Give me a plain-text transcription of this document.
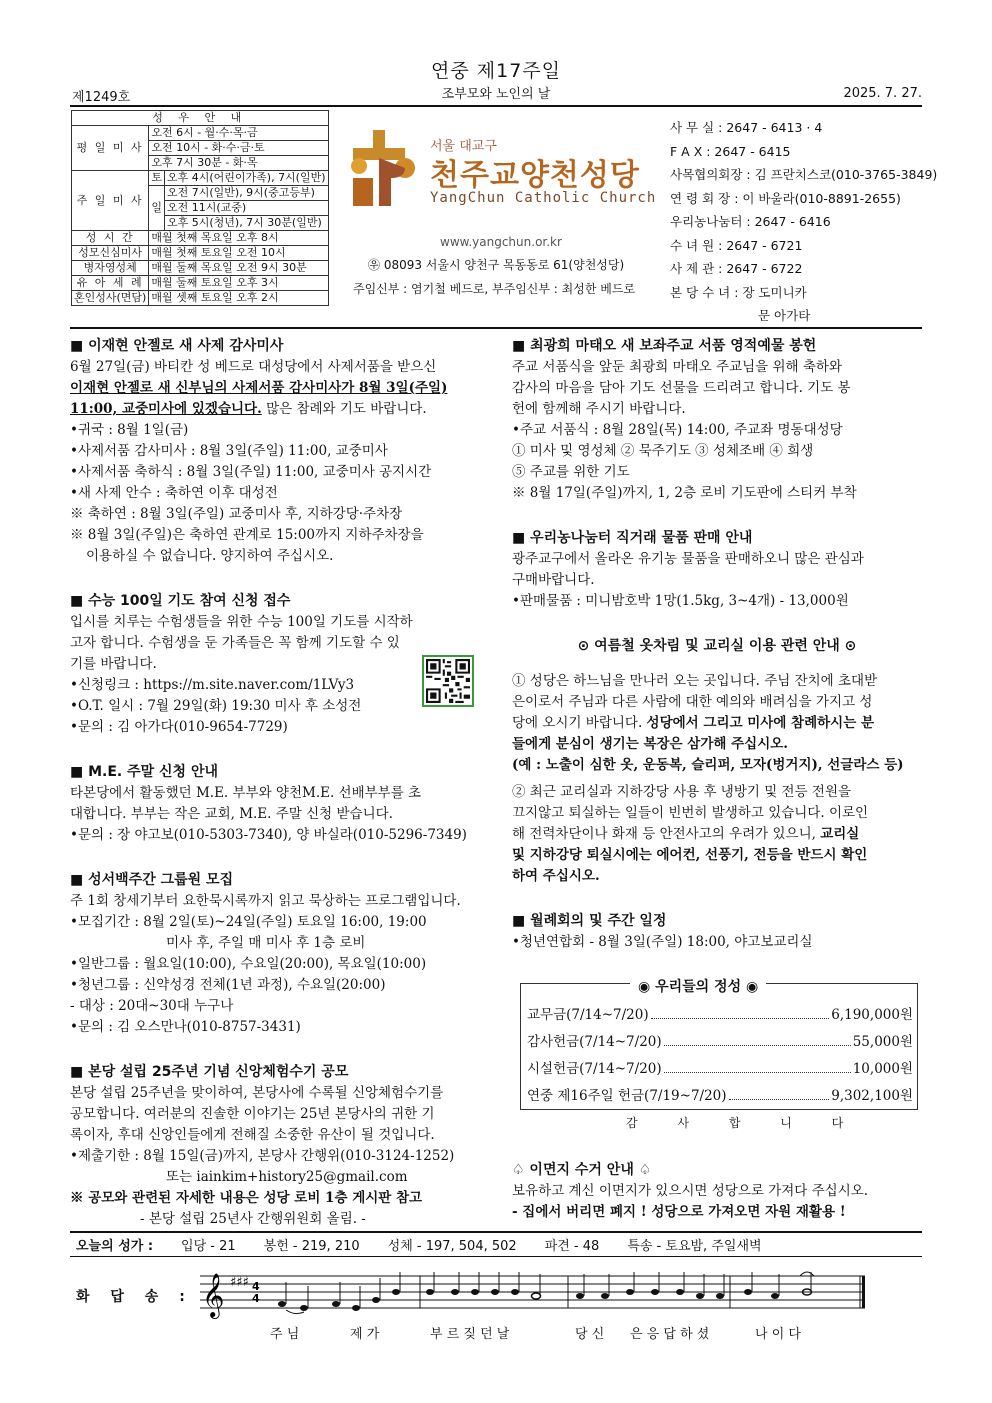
연중 제17주일
조부모와 노인의 날
제1249호	2025. 7. 27.
성 우 안 내		
평 일 미 사	오전 6시 - 월·수·목·금	
	오전 10시 - 화·수·금·토	
	오후 7시 30분 - 화·목	
주 일 미 사	토	오후 4시(어린이가족), 7시(일반)
	일	오전 7시(일반), 9시(중고등부)
		오전 11시(교중)
		오후 5시(청년), 7시 30분(일반)
성 시 간	매월 첫째 목요일 오후 8시	
성모신심미사	매월 첫째 토요일 오전 10시	
병자영성체	매월 둘째 목요일 오전 9시 30분	
유 아 세 례	매월 둘째 토요일 오후 3시	
혼인성사(면담)	매월 셋째 토요일 오후 2시	
서울 대교구
천주교양천성당
YangChun Catholic Church
www.yangchun.or.kr
㉾ 08093 서울시 양천구 목동동로 61(양천성당)
주임신부 : 염기철 베드로, 부주임신부 : 최성한 베드로
사 무 실 : 2647 - 6413 · 4
F A X : 2647 - 6415
사목협의회장 : 김 프란치스코(010-3765-3849)
연 령 회 장 : 이 바울라(010-8891-2655)
우리농나눔터 : 2647 - 6416
수 녀 원 : 2647 - 6721
사 제 관 : 2647 - 6722
본 당 수 녀 : 장 도미니카
문 아가타

■ 이재현 안젤로 새 사제 감사미사

6월 27일(금) 바티칸 성 베드로 대성당에서 사제서품을 받으신

이재현 안젤로 새 신부님의 사제서품 감사미사가 8월 3일(주일)

11:00, 교중미사에 있겠습니다. 많은 참례와 기도 바랍니다.

•귀국 : 8월 1일(금)

•사제서품 감사미사 : 8월 3일(주일) 11:00, 교중미사

•사제서품 축하식 : 8월 3일(주일) 11:00, 교중미사 공지시간

•새 사제 안수 : 축하연 이후 대성전

※ 축하연 : 8월 3일(주일) 교중미사 후, 지하강당·주차장

※ 8월 3일(주일)은 축하연 관계로 15:00까지 지하주차장을

이용하실 수 없습니다. 양지하여 주십시오.

■ 수능 100일 기도 참여 신청 접수

입시를 치루는 수험생들을 위한 수능 100일 기도를 시작하

고자 합니다. 수험생을 둔 가족들은 꼭 함께 기도할 수 있

기를 바랍니다.

•신청링크 : https://m.site.naver.com/1LVy3

•O.T. 일시 : 7월 29일(화) 19:30 미사 후 소성전

•문의 : 김 아가다(010-9654-7729)

■ M.E. 주말 신청 안내

타본당에서 활동했던 M.E. 부부와 양천M.E. 선배부부를 초

대합니다. 부부는 작은 교회, M.E. 주말 신청 받습니다.

•문의 : 장 야고보(010-5303-7340), 양 바실라(010-5296-7349)

■ 성서백주간 그룹원 모집

주 1회 창세기부터 요한묵시록까지 읽고 묵상하는 프로그램입니다.

•모집기간 : 8월 2일(토)~24일(주일) 토요일 16:00, 19:00

미사 후, 주일 매 미사 후 1층 로비

•일반그룹 : 월요일(10:00), 수요일(20:00), 목요일(10:00)

•청년그룹 : 신약성경 전체(1년 과정), 수요일(20:00)

- 대상 : 20대~30대 누구나

•문의 : 김 오스만나(010-8757-3431)

■ 본당 설립 25주년 기념 신앙체험수기 공모

본당 설립 25주년을 맞이하여, 본당사에 수록될 신앙체험수기를

공모합니다. 여러분의 진솔한 이야기는 25년 본당사의 귀한 기

록이자, 후대 신앙인들에게 전해질 소중한 유산이 될 것입니다.

•제출기한 : 8월 15일(금)까지, 본당사 간행위(010-3124-1252)

또는 iainkim+history25@gmail.com

※ 공모와 관련된 자세한 내용은 성당 로비 1층 게시판 참고

- 본당 설립 25년사 간행위원회 올림. -

■ 최광희 마태오 새 보좌주교 서품 영적예물 봉헌

주교 서품식을 앞둔 최광희 마태오 주교님을 위해 축하와

감사의 마음을 담아 기도 선물을 드리려고 합니다. 기도 봉

헌에 함께해 주시기 바랍니다.

•주교 서품식 : 8월 28일(목) 14:00, 주교좌 명동대성당

① 미사 및 영성체 ② 묵주기도 ③ 성체조배 ④ 희생

⑤ 주교를 위한 기도

※ 8월 17일(주일)까지, 1, 2층 로비 기도판에 스티커 부착

■ 우리농나눔터 직거래 물품 판매 안내

광주교구에서 올라온 유기농 물품을 판매하오니 많은 관심과

구매바랍니다.

•판매물품 : 미니밤호박 1망(1.5kg, 3~4개) - 13,000원

⊙ 여름철 옷차림 및 교리실 이용 관련 안내 ⊙

① 성당은 하느님을 만나러 오는 곳입니다. 주님 잔치에 초대받

은이로서 주님과 다른 사람에 대한 예의와 배려심을 가지고 성

당에 오시기 바랍니다. 성당에서 그리고 미사에 참례하시는 분

들에게 분심이 생기는 복장은 삼가해 주십시오.

(예 : 노출이 심한 옷, 운동복, 슬리퍼, 모자(벙거지), 선글라스 등)

② 최근 교리실과 지하강당 사용 후 냉방기 및 전등 전원을

끄지않고 퇴실하는 일들이 빈번히 발생하고 있습니다. 이로인

해 전력차단이나 화재 등 안전사고의 우려가 있으니, 교리실

및 지하강당 퇴실시에는 에어컨, 선풍기, 전등을 반드시 확인

하여 주십시오.

■ 월례회의 및 주간 일정

•청년연합회 - 8월 3일(주일) 18:00, 야고보교리실

◉ 우리들의 정성 ◉
교무금(7/14~7/20)	6,190,000원
감사헌금(7/14~7/20)	55,000원
시설헌금(7/14~7/20)	10,000원
연중 제16주일 헌금(7/19~7/20)	9,302,100원
감 사 합 니 다

♤ 이면지 수거 안내 ♤

보유하고 계신 이면지가 있으시면 성당으로 가져다 주십시오.

- 집에서 버리면 폐지 ! 성당으로 가져오면 자원 재활용 !

오늘의 성가 : 입당 - 21 봉헌 - 219, 210 성체 - 197, 504, 502 파견 - 48 특송 - 토요밤, 주일새벽
화 답 송 : 𝄞 ♯♯♯ 4
4
주 님	제 가	부 르 짖 던 날	당 신 은 응 답 하 셨	나 이 다
